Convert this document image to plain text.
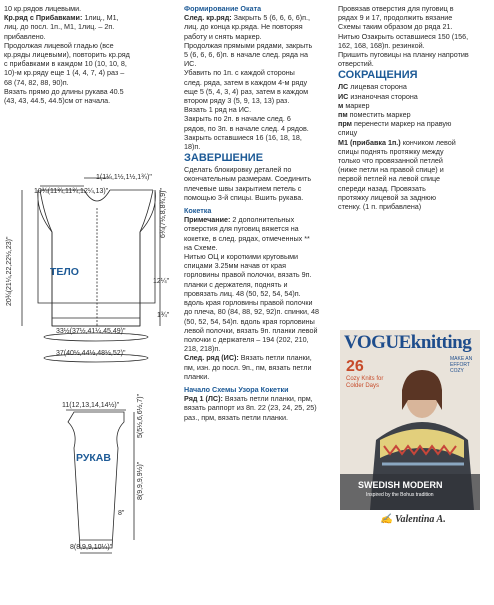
10 кр.рядов лицевыми.

Кр.ряд с Прибавками: 1лиц., М1,

лиц. до посл. 1п., М1, 1лиц. – 2п.

прибавлено.

Продолжая лицевой гладью (все

кр.ряды лицевыми), повторить кр.ряд

с прибавками в каждом 10 (10, 10, 8,

10)-м кр.ряду еще 1 (4, 4, 7, 4) раз –

68 (74, 82, 88, 90)п.

Вязать прямо до длины рукава 40.5

(43, 43, 44.5, 44.5)см от начала.

Формирование Оката

След. кр.ряд: Закрыть 5 (6, 6, 6, 6)п.,

лиц. до конца кр.ряда. Не повторяя

работу и снять маркер.

Продолжая прямыми рядами, закрыть

5 (6, 6, 6, 6)п. в начале след. ряда на

ИС.

Убавить по 1п. с каждой стороны

след. ряда, затем в каждом 4-м ряду

еще 5 (5, 4, 3, 4) раз, затем в каждом

втором ряду 3 (5, 9, 13, 13) раз.

Вязать 1 ряд на ИС.

Закрыть по 2п. в начале след. 6

рядов, по 3п. в начале след. 4 рядов.

Закрыть оставшиеся 16 (16, 18, 18,

18)п.

ЗАВЕРШЕНИЕ

Сделать блокировку деталей по

окончательным размерам. Соединить

плечевые швы закрытием петель с

помощью 3-й спицы. Вшить рукава.

Кокетка

Примечание: 2 дополнительных

отверстия для пуговиц вяжется на

кокетке, в след. рядах, отмеченных **

на Схеме.

Нитью ОЦ и короткими круговыми

спицами 3.25мм начав от края

горловины правой полочки, вязать 9п.

планки с держателя, поднять и

провязать лиц. 48 (50, 52, 54, 54)п.

вдоль края горловины правой полочки

до плеча, 80 (84, 88, 92, 92)п. спинки, 48

(50, 52, 54, 54)п. вдоль края горловины

левой полочки, вязать 9п. планки левой

полочки с держателя – 194 (202, 210,

218, 218)п.

След. ряд (ИС): Вязать петли планки,

пм, изн. до посл. 9п., пм, вязать петли

планки.

Начало Схемы Узора Кокетки

Ряд 1 (ЛС): Вязать петли планки, прм,

вязать раппорт из 8п. 22 (23, 24, 25, 25)

раз., прм, вязать петли планки.

Провязав отверстия для пуговиц в

рядах 9 и 17, продолжить вязание

Схемы таким образом до ряда 21.

Нитью Озакрыть оставшиеся 150 (156,

162, 168, 168)п. резинкой.

Пришить пуговицы на планку напротив

отверстий.

СОКРАЩЕНИЯ

ЛС лицевая сторона

ИС изнаночная сторона

м маркер

пм поместить маркер

прм перенести маркер на правую

спицу

М1 (прибавка 1п.) кончиком левой

спицы поднять протяжку между

только что провязанной петлей

(ниже петли на правой спице) и

первой петлей на левой спице

спереди назад. Провязать

протяжку лицевой за заднюю

стенку. (1 п. прибавлена)

1(1¼,1½,1½,1¾)"
10¾(11¾,11¾,12¼,13)"	6¾(7½,8,8¾,9)"
20¾(21¼,22,22½,23)"	12¼"
1¾"
33½(37½,41¼,45,49)"
37(40½,44½,48½,52)"
ТЕЛО
11(12,13,14,14½)"	5(5½,6,6½,7)"
8(9,9,9,9½)"
8"
8(8,9,9,10¼)"
РУКАВ
VOGUEknitting
26
Cozy Knits for Colder Days
MAKE AN EFFORT COZY
SWEDISH MODERN
Inspired by the Bohus tradition
✍ Valentina A.
